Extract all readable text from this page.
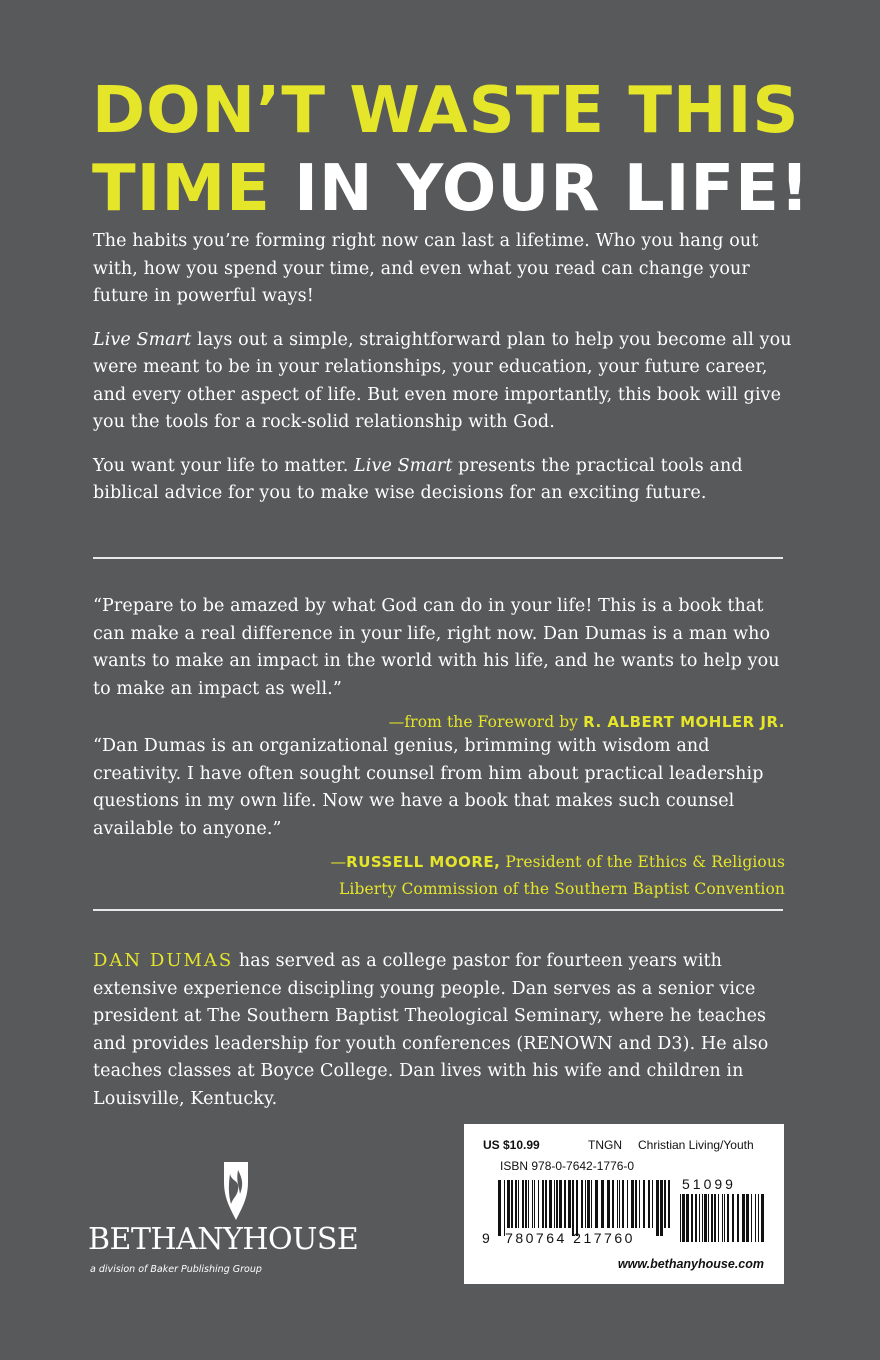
DON’T WASTE THIS
TIME IN YOUR LIFE!

The habits you’re forming right now can last a lifetime. Who you hang out with, how you spend your time, and even what you read can change your future in powerful ways!

Live Smart lays out a simple, straightforward plan to help you become all you were meant to be in your relationships, your education, your future career, and every other aspect of life. But even more importantly, this book will give you the tools for a rock-solid relationship with God.

You want your life to matter. Live Smart presents the practical tools and biblical advice for you to make wise decisions for an exciting future.

“Prepare to be amazed by what God can do in your life! This is a book that can make a real difference in your life, right now. Dan Dumas is a man who wants to make an impact in the world with his life, and he wants to help you to make an impact as well.”

—from the Foreword by R. ALBERT MOHLER JR.

“Dan Dumas is an organizational genius, brimming with wisdom and creativity. I have often sought counsel from him about practical leadership questions in my own life. Now we have a book that makes such counsel available to anyone.”

—RUSSELL MOORE, President of the Ethics & Religious
Liberty Commission of the Southern Baptist Convention

DAN DUMAS has served as a college pastor for fourteen years with extensive experience discipling young people. Dan serves as a senior vice president at The Southern Baptist Theological Seminary, where he teaches and provides leadership for youth conferences (RENOWN and D3). He also teaches classes at Boyce College. Dan lives with his wife and children in Louisville, Kentucky.

BETHANYHOUSE
a division of Baker Publishing Group
US $10.99	TNGN Christian Living/Youth
ISBN 978-0-7642-1776-0
51099
9 780764 217760
www.bethanyhouse.com
